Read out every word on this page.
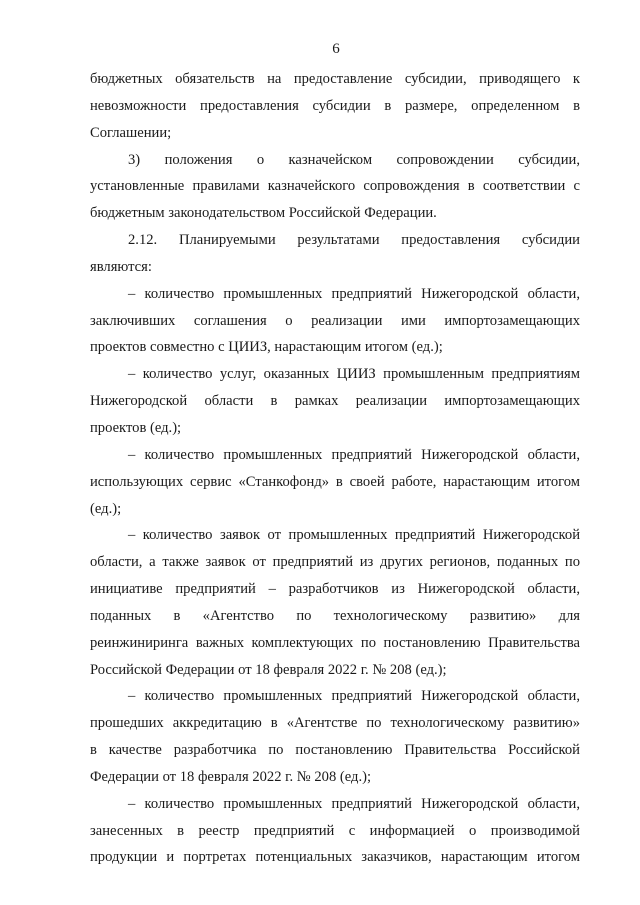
6
бюджетных обязательств на предоставление субсидии, приводящего к
невозможности предоставления субсидии в размере, определенном в
Соглашении;
3) положения о казначейском сопровождении субсидии,
установленные правилами казначейского сопровождения в соответствии с
бюджетным законодательством Российской Федерации.
2.12. Планируемыми результатами предоставления субсидии
являются:
– количество промышленных предприятий Нижегородской области,
заключивших соглашения о реализации ими импортозамещающих
проектов совместно с ЦИИЗ, нарастающим итогом (ед.);
– количество услуг, оказанных ЦИИЗ промышленным предприятиям
Нижегородской области в рамках реализации импортозамещающих
проектов (ед.);
– количество промышленных предприятий Нижегородской области,
использующих сервис «Станкофонд» в своей работе, нарастающим итогом
(ед.);
– количество заявок от промышленных предприятий Нижегородской
области, а также заявок от предприятий из других регионов, поданных по
инициативе предприятий – разработчиков из Нижегородской области,
поданных в «Агентство по технологическому развитию» для
реинжиниринга важных комплектующих по постановлению Правительства
Российской Федерации от 18 февраля 2022 г. № 208 (ед.);
– количество промышленных предприятий Нижегородской области,
прошедших аккредитацию в «Агентстве по технологическому развитию»
в качестве разработчика по постановлению Правительства Российской
Федерации от 18 февраля 2022 г. № 208 (ед.);
– количество промышленных предприятий Нижегородской области,
занесенных в реестр предприятий с информацией о производимой
продукции и портретах потенциальных заказчиков, нарастающим итогом
